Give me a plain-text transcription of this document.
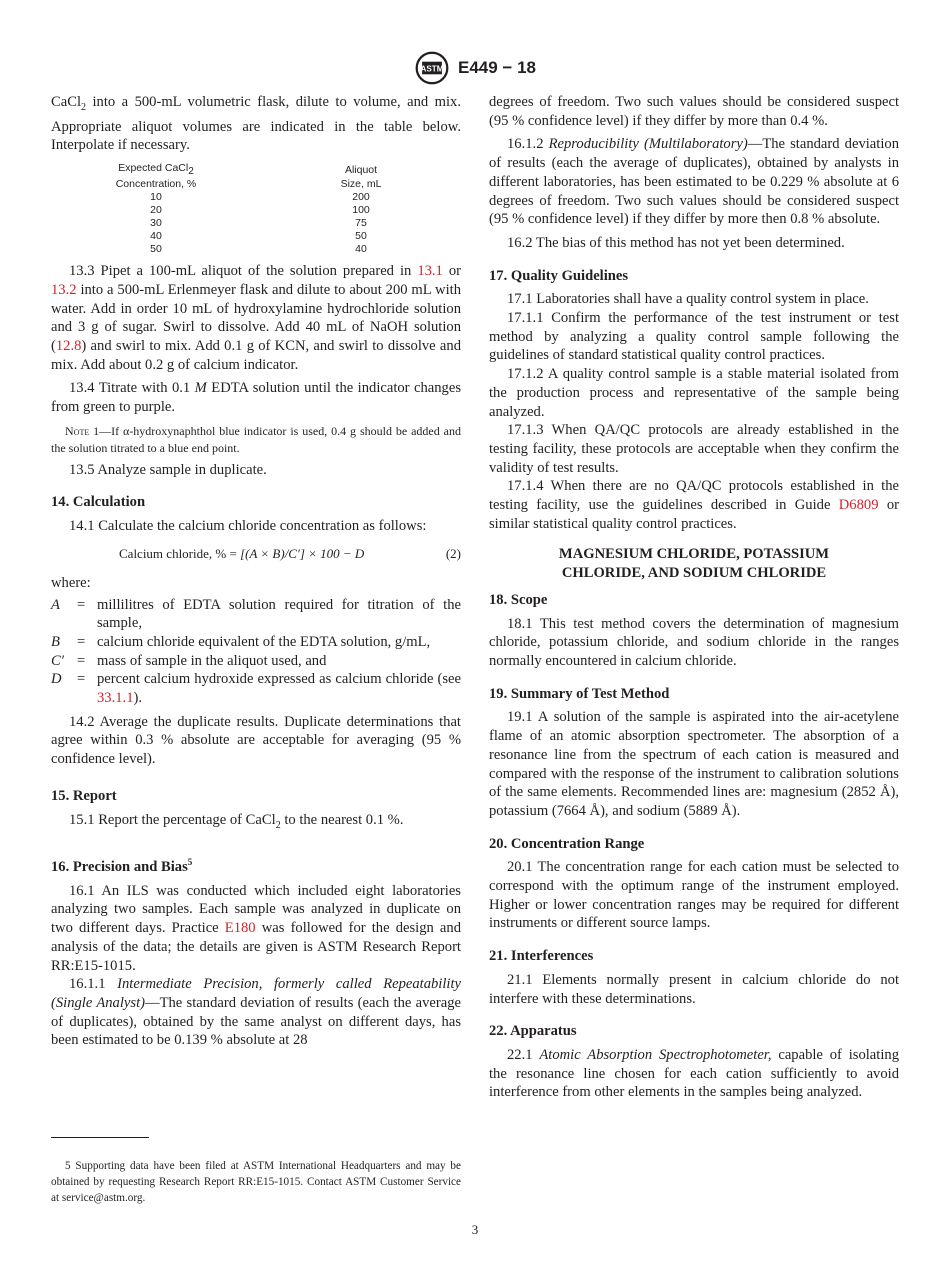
ASTM E449 − 18

CaCl$_2$ into a 500-mL volumetric flask, dilute to volume, and mix. Appropriate aliquot volumes are indicated in the table below. Interpolate if necessary.

Expected CaCl$_2$	Aliquot
Concentration, %	Size, mL
10	200
20	100
30	75
40	50
50	40

13.3 Pipet a 100-mL aliquot of the solution prepared in 13.1 or 13.2 into a 500-mL Erlenmeyer flask and dilute to about 200 mL with water. Add in order 10 mL of hydroxylamine hydrochloride solution and 3 g of sugar. Swirl to dissolve. Add 40 mL of NaOH solution (12.8) and swirl to mix. Add 0.1 g of KCN, and swirl to dissolve and mix. Add about 0.2 g of calcium indicator.

13.4 Titrate with 0.1 M EDTA solution until the indicator changes from green to purple.

Note 1—If α-hydroxynaphthol blue indicator is used, 0.4 g should be added and the solution titrated to a blue end point.

13.5 Analyze sample in duplicate.

14. Calculation

14.1 Calculate the calcium chloride concentration as follows:

Calcium chloride, % = [(A × B)/C′] × 100 − D	(2)

where:

A	= millilitres of EDTA solution required for titration of the sample,
B	= calcium chloride equivalent of the EDTA solution, g/mL,
C′ = mass of sample in the aliquot used, and
D	= percent calcium hydroxide expressed as calcium chloride (see 33.1.1).

14.2 Average the duplicate results. Duplicate determinations that agree within 0.3 % absolute are acceptable for averaging (95 % confidence level).

15. Report

15.1 Report the percentage of CaCl$_2$ to the nearest 0.1 %.

16. Precision and Bias$^5$

16.1 An ILS was conducted which included eight laboratories analyzing two samples. Each sample was analyzed in duplicate on two different days. Practice E180 was followed for the design and analysis of the data; the details are given is ASTM Research Report RR:E15-1015.

16.1.1 Intermediate Precision, formerly called Repeatability (Single Analyst)—The standard deviation of results (each the average of duplicates), obtained by the same analyst on different days, has been estimated to be 0.139 % absolute at 28

5 Supporting data have been filed at ASTM International Headquarters and may be obtained by requesting Research Report RR:E15-1015. Contact ASTM Customer Service at service@astm.org.

degrees of freedom. Two such values should be considered suspect (95 % confidence level) if they differ by more than 0.4 %.

16.1.2 Reproducibility (Multilaboratory)—The standard deviation of results (each the average of duplicates), obtained by analysts in different laboratories, has been estimated to be 0.229 % absolute at 6 degrees of freedom. Two such values should be considered suspect (95 % confidence level) if they differ by more then 0.8 % absolute.

16.2 The bias of this method has not yet been determined.

17. Quality Guidelines

17.1 Laboratories shall have a quality control system in place.

17.1.1 Confirm the performance of the test instrument or test method by analyzing a quality control sample following the guidelines of standard statistical quality control practices.

17.1.2 A quality control sample is a stable material isolated from the production process and representative of the sample being analyzed.

17.1.3 When QA/QC protocols are already established in the testing facility, these protocols are acceptable when they confirm the validity of test results.

17.1.4 When there are no QA/QC protocols established in the testing facility, use the guidelines described in Guide D6809 or similar statistical quality control practices.

MAGNESIUM CHLORIDE, POTASSIUM
CHLORIDE, AND SODIUM CHLORIDE
18. Scope

18.1 This test method covers the determination of magnesium chloride, potassium chloride, and sodium chloride in the ranges normally encountered in calcium chloride.

19. Summary of Test Method

19.1 A solution of the sample is aspirated into the air-acetylene flame of an atomic absorption spectrometer. The absorption of a resonance line from the spectrum of each cation is measured and compared with the response of the instrument to calibration solutions of the same elements. Recommended lines are: magnesium (2852 Å), potassium (7664 Å), and sodium (5889 Å).

20. Concentration Range

20.1 The concentration range for each cation must be selected to correspond with the optimum range of the instrument employed. Higher or lower concentration ranges may be required for different instruments or different source lamps.

21. Interferences

21.1 Elements normally present in calcium chloride do not interfere with these determinations.

22. Apparatus

22.1 Atomic Absorption Spectrophotometer, capable of isolating the resonance line chosen for each cation sufficiently to avoid interference from other elements in the samples being analyzed.

3
